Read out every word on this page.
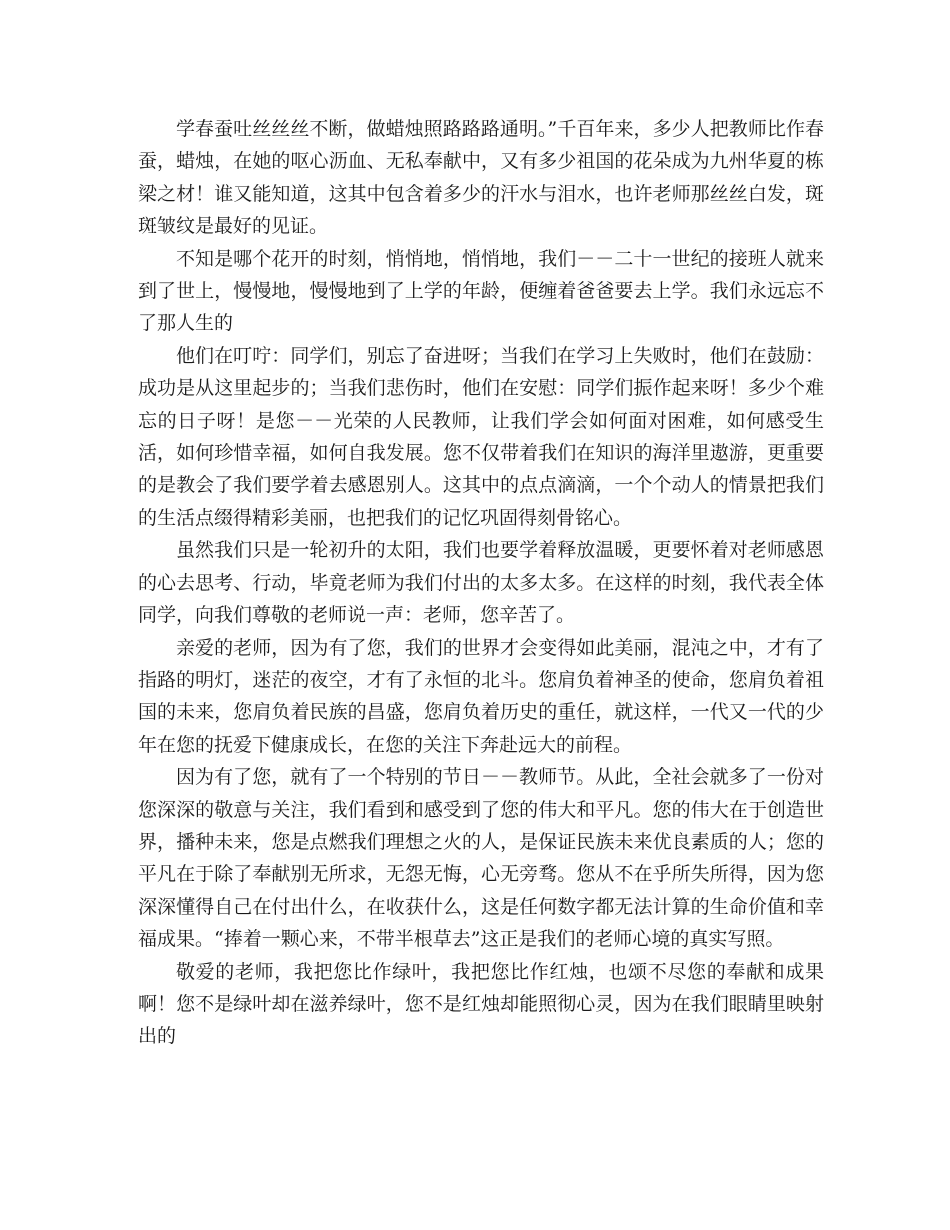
学春蚕吐丝丝丝不断，做蜡烛照路路路通明。”千百年来，多少人把教师比作春蚕，蜡烛，在她的呕心沥血、无私奉献中，又有多少祖国的花朵成为九州华夏的栋梁之材！谁又能知道，这其中包含着多少的汗水与泪水，也许老师那丝丝白发，斑斑皱纹是最好的见证。

不知是哪个花开的时刻，悄悄地，悄悄地，我们－－二十一世纪的接班人就来到了世上，慢慢地，慢慢地到了上学的年龄，便缠着爸爸要去上学。我们永远忘不了那人生的

他们在叮咛：同学们，别忘了奋进呀；当我们在学习上失败时，他们在鼓励：成功是从这里起步的；当我们悲伤时，他们在安慰：同学们振作起来呀！多少个难忘的日子呀！是您－－光荣的人民教师，让我们学会如何面对困难，如何感受生活，如何珍惜幸福，如何自我发展。您不仅带着我们在知识的海洋里遨游，更重要的是教会了我们要学着去感恩别人。这其中的点点滴滴，一个个动人的情景把我们的生活点缀得精彩美丽，也把我们的记忆巩固得刻骨铭心。

虽然我们只是一轮初升的太阳，我们也要学着释放温暖，更要怀着对老师感恩的心去思考、行动，毕竟老师为我们付出的太多太多。在这样的时刻，我代表全体同学，向我们尊敬的老师说一声：老师，您辛苦了。

亲爱的老师，因为有了您，我们的世界才会变得如此美丽，混沌之中，才有了指路的明灯，迷茫的夜空，才有了永恒的北斗。您肩负着神圣的使命，您肩负着祖国的未来，您肩负着民族的昌盛，您肩负着历史的重任，就这样，一代又一代的少年在您的抚爱下健康成长，在您的关注下奔赴远大的前程。

因为有了您，就有了一个特别的节日－－教师节。从此，全社会就多了一份对您深深的敬意与关注，我们看到和感受到了您的伟大和平凡。您的伟大在于创造世界，播种未来，您是点燃我们理想之火的人，是保证民族未来优良素质的人；您的平凡在于除了奉献别无所求，无怨无悔，心无旁骛。您从不在乎所失所得，因为您深深懂得自己在付出什么，在收获什么，这是任何数字都无法计算的生命价值和幸福成果。“捧着一颗心来，不带半根草去”这正是我们的老师心境的真实写照。

敬爱的老师，我把您比作绿叶，我把您比作红烛，也颂不尽您的奉献和成果啊！您不是绿叶却在滋养绿叶，您不是红烛却能照彻心灵，因为在我们眼睛里映射出的
